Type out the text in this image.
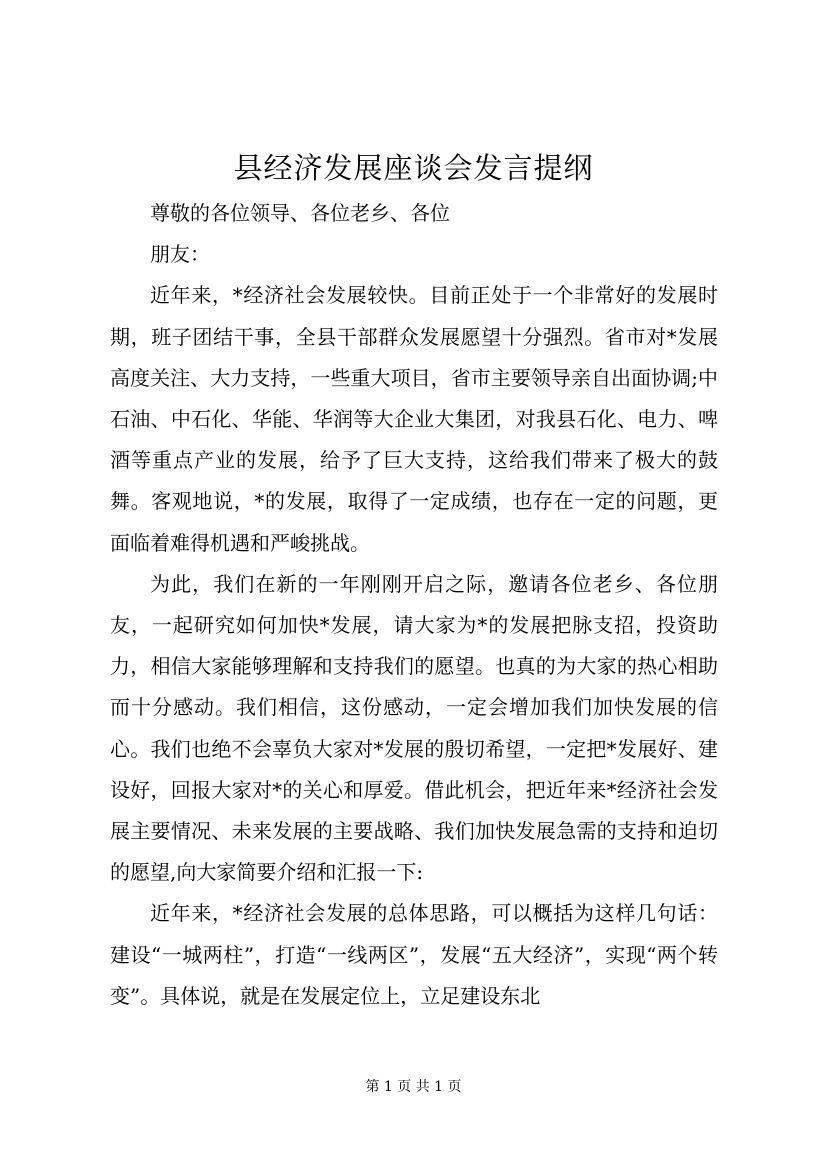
县经济发展座谈会发言提纲

尊敬的各位领导、各位老乡、各位

朋友：

近年来，*经济社会发展较快。目前正处于一个非常好的发展时期，班子团结干事，全县干部群众发展愿望十分强烈。省市对*发展高度关注、大力支持，一些重大项目，省市主要领导亲自出面协调;中石油、中石化、华能、华润等大企业大集团，对我县石化、电力、啤酒等重点产业的发展，给予了巨大支持，这给我们带来了极大的鼓舞。客观地说，*的发展，取得了一定成绩，也存在一定的问题，更面临着难得机遇和严峻挑战。

为此，我们在新的一年刚刚开启之际，邀请各位老乡、各位朋友，一起研究如何加快*发展，请大家为*的发展把脉支招，投资助力，相信大家能够理解和支持我们的愿望。也真的为大家的热心相助而十分感动。我们相信，这份感动，一定会增加我们加快发展的信心。我们也绝不会辜负大家对*发展的殷切希望，一定把*发展好、建设好，回报大家对*的关心和厚爱。借此机会，把近年来*经济社会发展主要情况、未来发展的主要战略、我们加快发展急需的支持和迫切的愿望,向大家简要介绍和汇报一下:

近年来，*经济社会发展的总体思路，可以概括为这样几句话：建设“一城两柱”，打造“一线两区”，发展“五大经济”，实现“两个转变”。具体说，就是在发展定位上，立足建设东北

第 1 页 共 1 页
